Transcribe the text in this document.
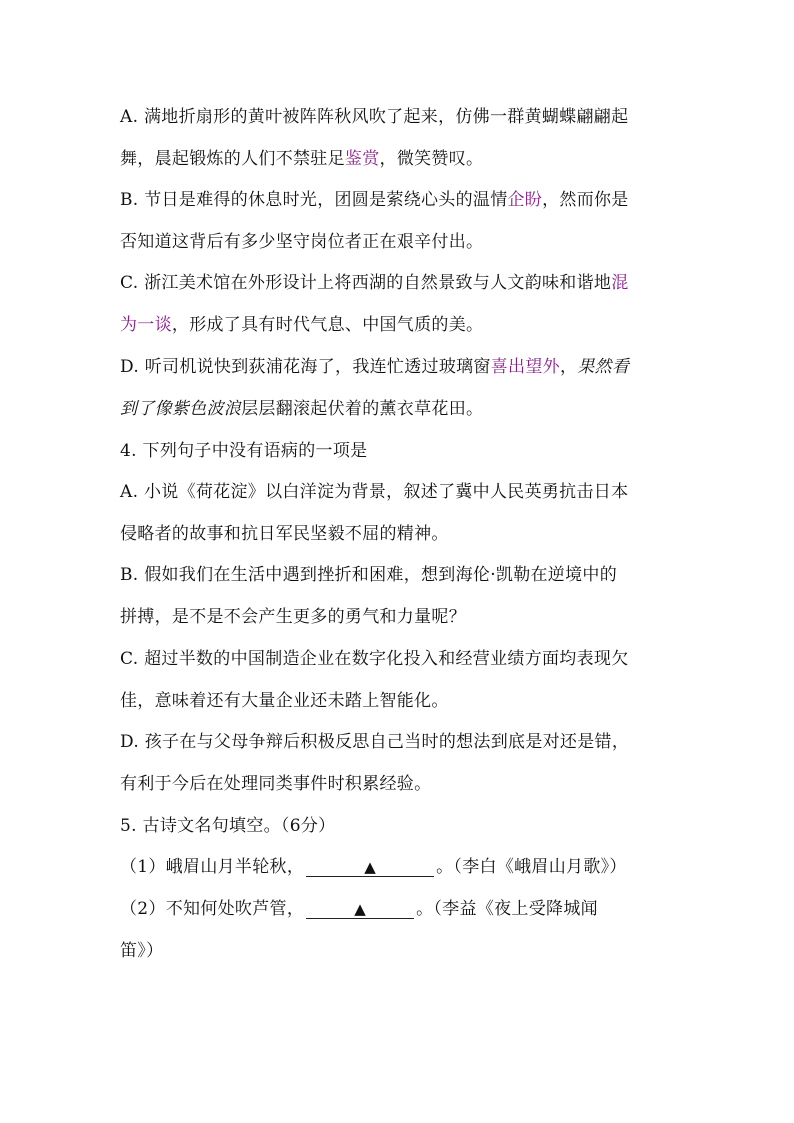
A. 满地折扇形的黄叶被阵阵秋风吹了起来，仿佛一群黄蝴蝶翩翩起
舞，晨起锻炼的人们不禁驻足鉴赏，微笑赞叹。
B. 节日是难得的休息时光，团圆是萦绕心头的温情企盼，然而你是
否知道这背后有多少坚守岗位者正在艰辛付出。
C. 浙江美术馆在外形设计上将西湖的自然景致与人文韵味和谐地混
为一谈，形成了具有时代气息、中国气质的美。
D. 听司机说快到荻浦花海了，我连忙透过玻璃窗喜出望外，果然看
到了像紫色波浪层层翻滚起伏着的薰衣草花田。
4. 下列句子中没有语病的一项是
A. 小说《荷花淀》以白洋淀为背景，叙述了冀中人民英勇抗击日本
侵略者的故事和抗日军民坚毅不屈的精神。
B. 假如我们在生活中遇到挫折和困难，想到海伦·凯勒在逆境中的
拼搏，是不是不会产生更多的勇气和力量呢？
C. 超过半数的中国制造企业在数字化投入和经营业绩方面均表现欠
佳，意味着还有大量企业还未踏上智能化。
D. 孩子在与父母争辩后积极反思自己当时的想法到底是对还是错，
有利于今后在处理同类事件时积累经验。
5. 古诗文名句填空。（6分）
（1）峨眉山月半轮秋，	▲	。（李白《峨眉山月歌》）
（2）不知何处吹芦管，	▲	。（李益《夜上受降城闻
笛》）
